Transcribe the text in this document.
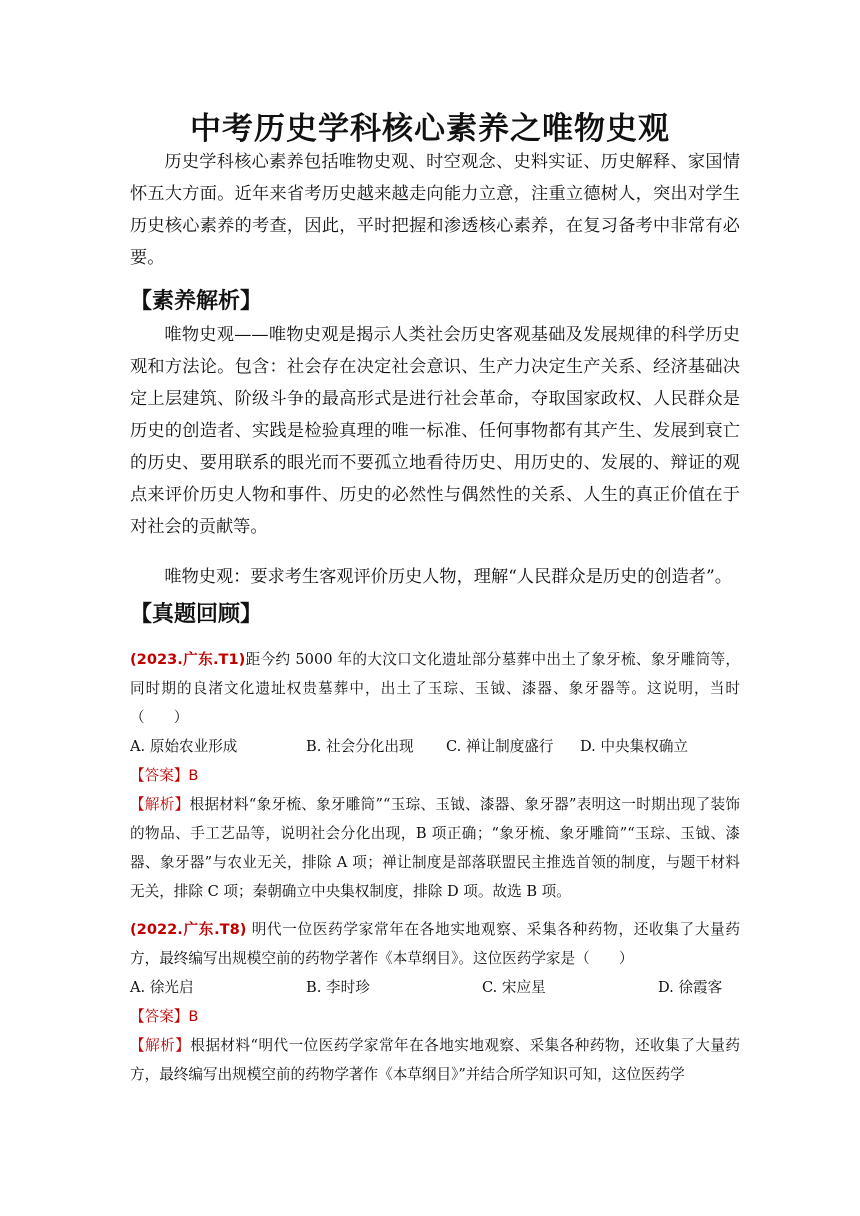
中考历史学科核心素养之唯物史观
历史学科核心素养包括唯物史观、时空观念、史料实证、历史解释、家国情怀五大方面。近年来省考历史越来越走向能力立意，注重立德树人，突出对学生历史核心素养的考查，因此，平时把握和渗透核心素养，在复习备考中非常有必要。
【素养解析】
唯物史观——唯物史观是揭示人类社会历史客观基础及发展规律的科学历史观和方法论。包含：社会存在决定社会意识、生产力决定生产关系、经济基础决定上层建筑、阶级斗争的最高形式是进行社会革命，夺取国家政权、人民群众是历史的创造者、实践是检验真理的唯一标准、任何事物都有其产生、发展到衰亡的历史、要用联系的眼光而不要孤立地看待历史、用历史的、发展的、辩证的观点来评价历史人物和事件、历史的必然性与偶然性的关系、人生的真正价值在于对社会的贡献等。
唯物史观：要求考生客观评价历史人物，理解“人民群众是历史的创造者”。
【真题回顾】
(2023.广东.T1)距今约 5000 年的大汶口文化遗址部分墓葬中出土了象牙梳、象牙雕筒等，同时期的良渚文化遗址权贵墓葬中，出土了玉琮、玉钺、漆器、象牙器等。这说明，当时（　　）
A. 原始农业形成	B. 社会分化出现	C. 禅让制度盛行	D. 中央集权确立
【答案】B
【解析】根据材料“象牙梳、象牙雕筒”“玉琮、玉钺、漆器、象牙器”表明这一时期出现了装饰的物品、手工艺品等，说明社会分化出现，B 项正确；“象牙梳、象牙雕筒”“玉琮、玉钺、漆器、象牙器”与农业无关，排除 A 项；禅让制度是部落联盟民主推选首领的制度，与题干材料无关，排除 C 项；秦朝确立中央集权制度，排除 D 项。故选 B 项。
(2022.广东.T8) 明代一位医药学家常年在各地实地观察、采集各种药物，还收集了大量药方，最终编写出规模空前的药物学著作《本草纲目》。这位医药学家是（　　）
A. 徐光启	B. 李时珍	C. 宋应星	D. 徐霞客
【答案】B
【解析】根据材料“明代一位医药学家常年在各地实地观察、采集各种药物，还收集了大量药方，最终编写出规模空前的药物学著作《本草纲目》”并结合所学知识可知，这位医药学
